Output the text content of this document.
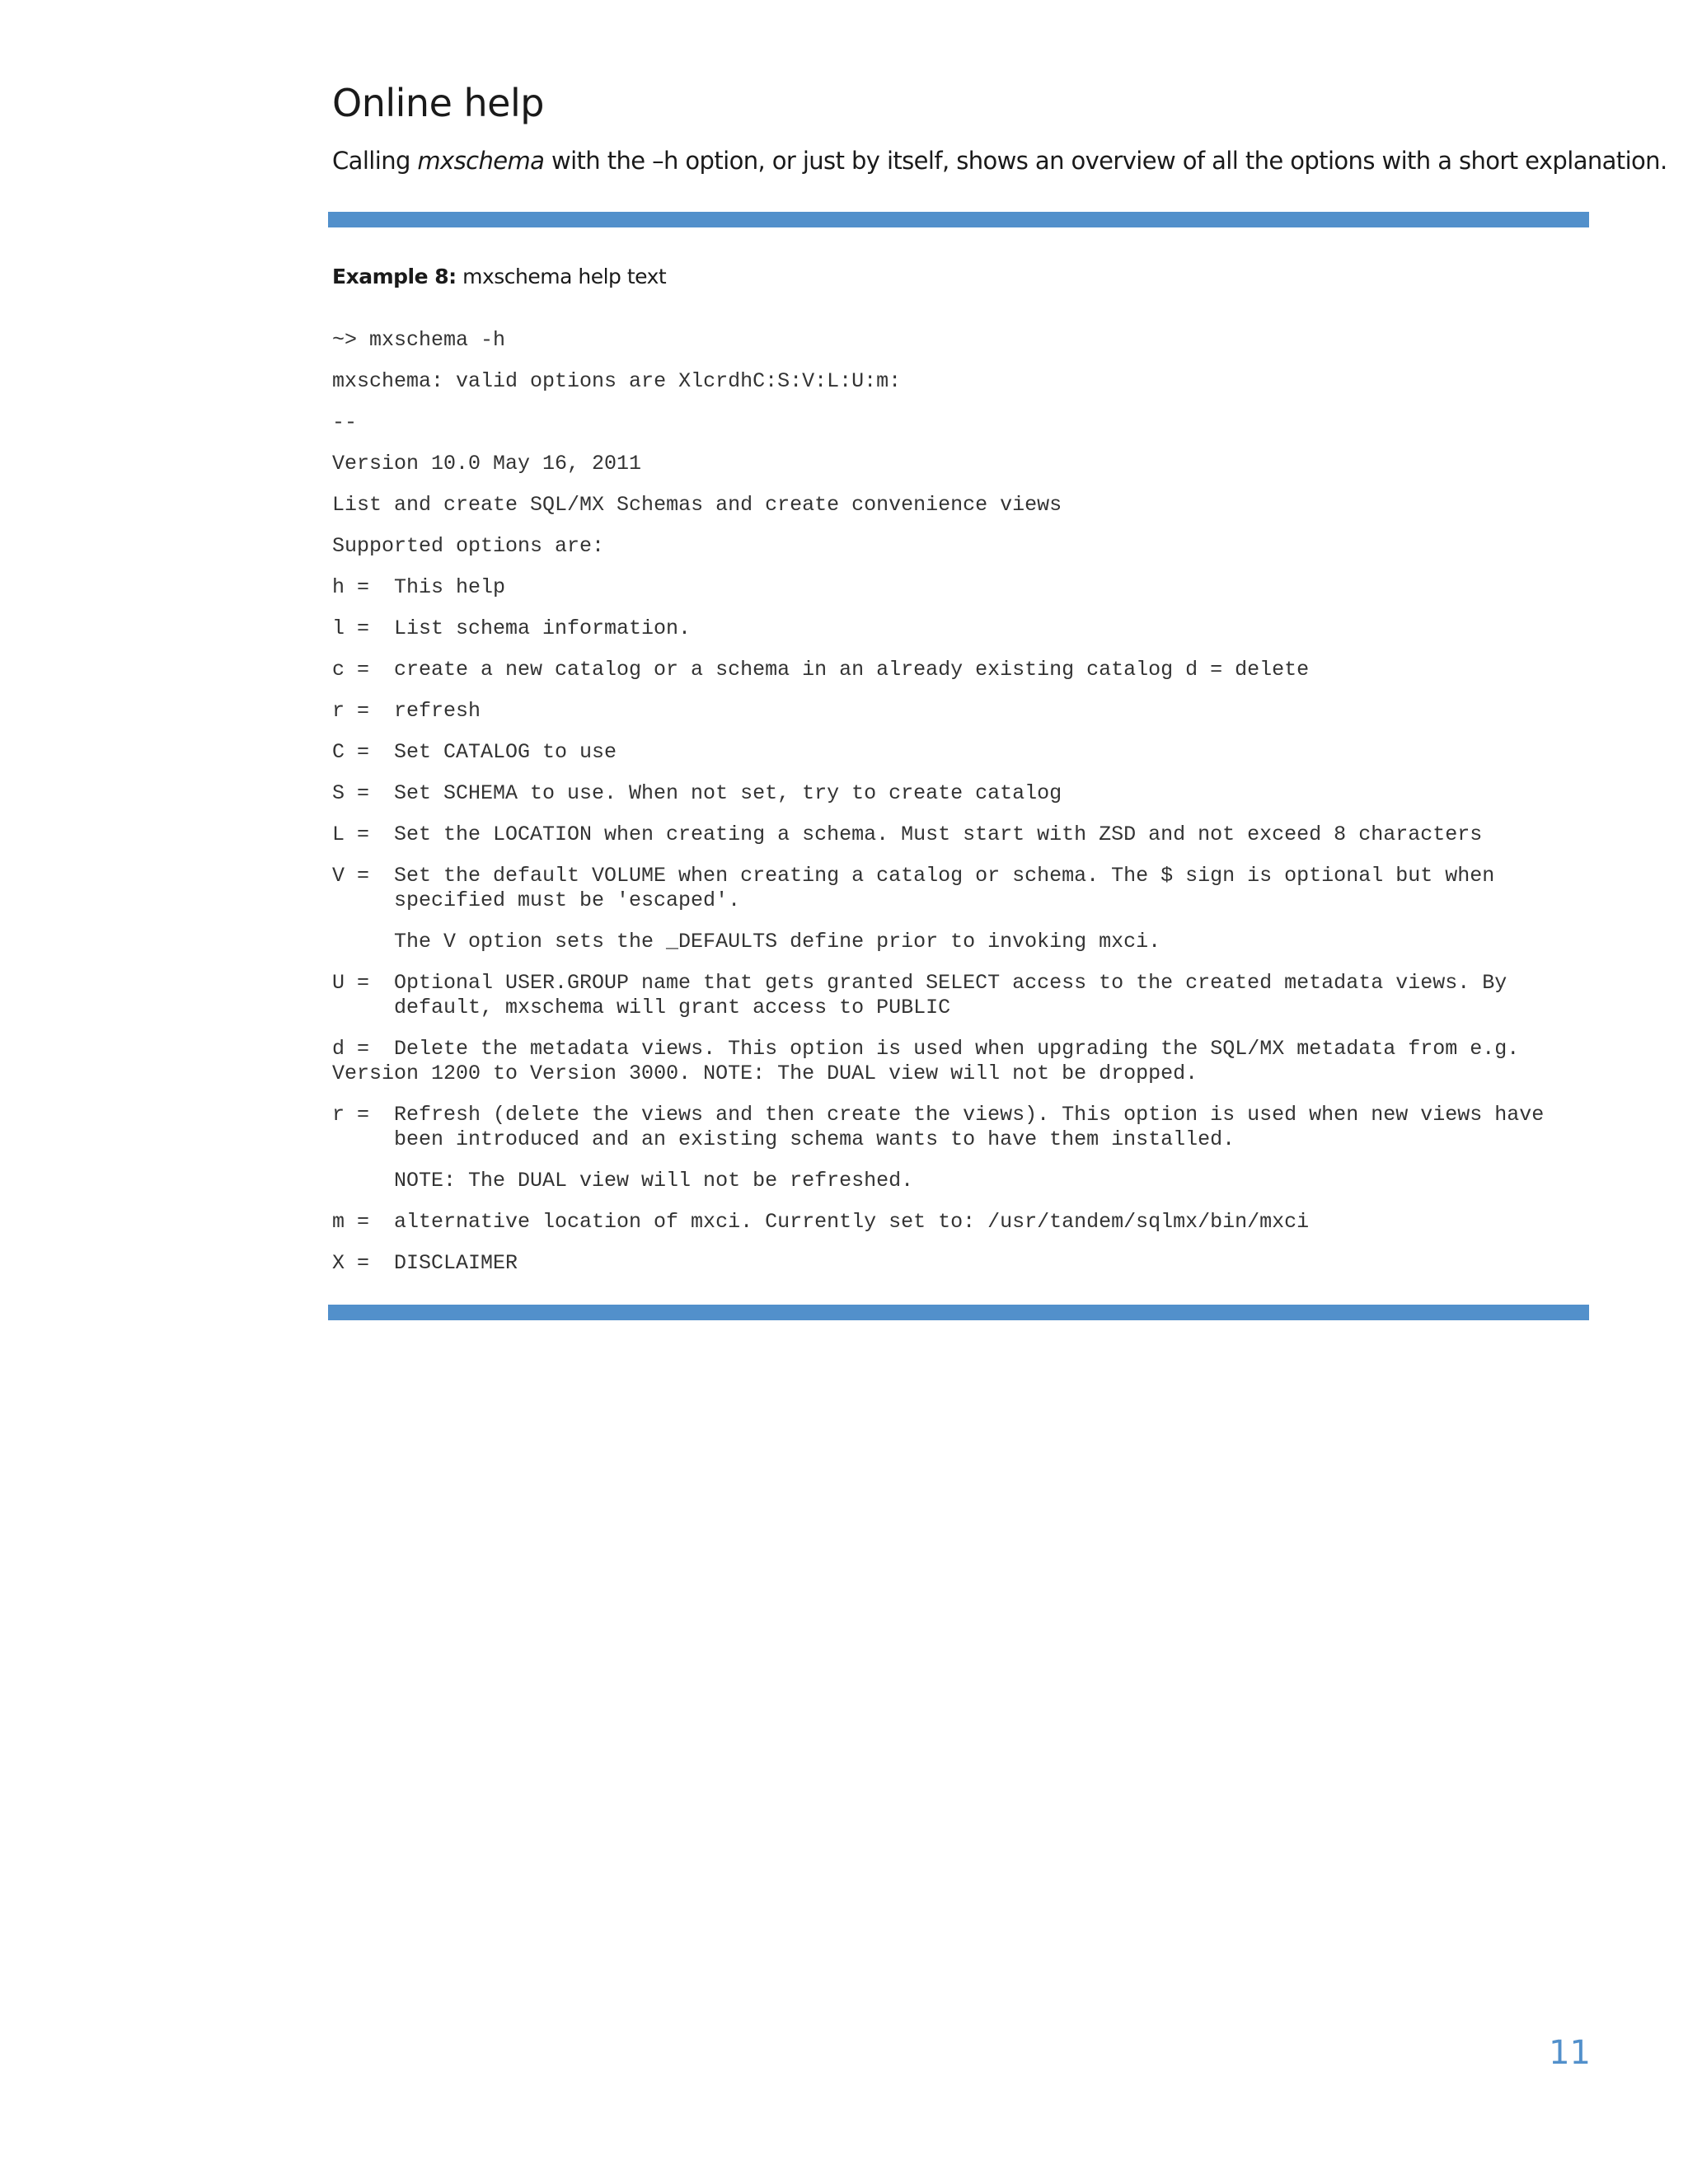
Online help

Calling mxschema with the –h option, or just by itself, shows an overview of all the options with a short explanation.

Example 8: mxschema help text

~> mxschema -h
mxschema: valid options are XlcrdhC:S:V:L:U:m:
--
Version 10.0 May 16, 2011
List and create SQL/MX Schemas and create convenience views
Supported options are:
h = This help
l = List schema information.
c = create a new catalog or a schema in an already existing catalog d = delete
r = refresh
C = Set CATALOG to use
S = Set SCHEMA to use. When not set, try to create catalog
L = Set the LOCATION when creating a schema. Must start with ZSD and not exceed 8 characters
V = Set the default VOLUME when creating a catalog or schema. The $ sign is optional but when specified must be 'escaped'.
The V option sets the _DEFAULTS define prior to invoking mxci.
U = Optional USER.GROUP name that gets granted SELECT access to the created metadata views. By default, mxschema will grant access to PUBLIC
d = Delete the metadata views. This option is used when upgrading the SQL/MX metadata from e.g. Version 1200 to Version 3000. NOTE: The DUAL view will not be dropped.
r = Refresh (delete the views and then create the views). This option is used when new views have been introduced and an existing schema wants to have them installed.
NOTE: The DUAL view will not be refreshed.
m = alternative location of mxci. Currently set to: /usr/tandem/sqlmx/bin/mxci
X = DISCLAIMER

11
